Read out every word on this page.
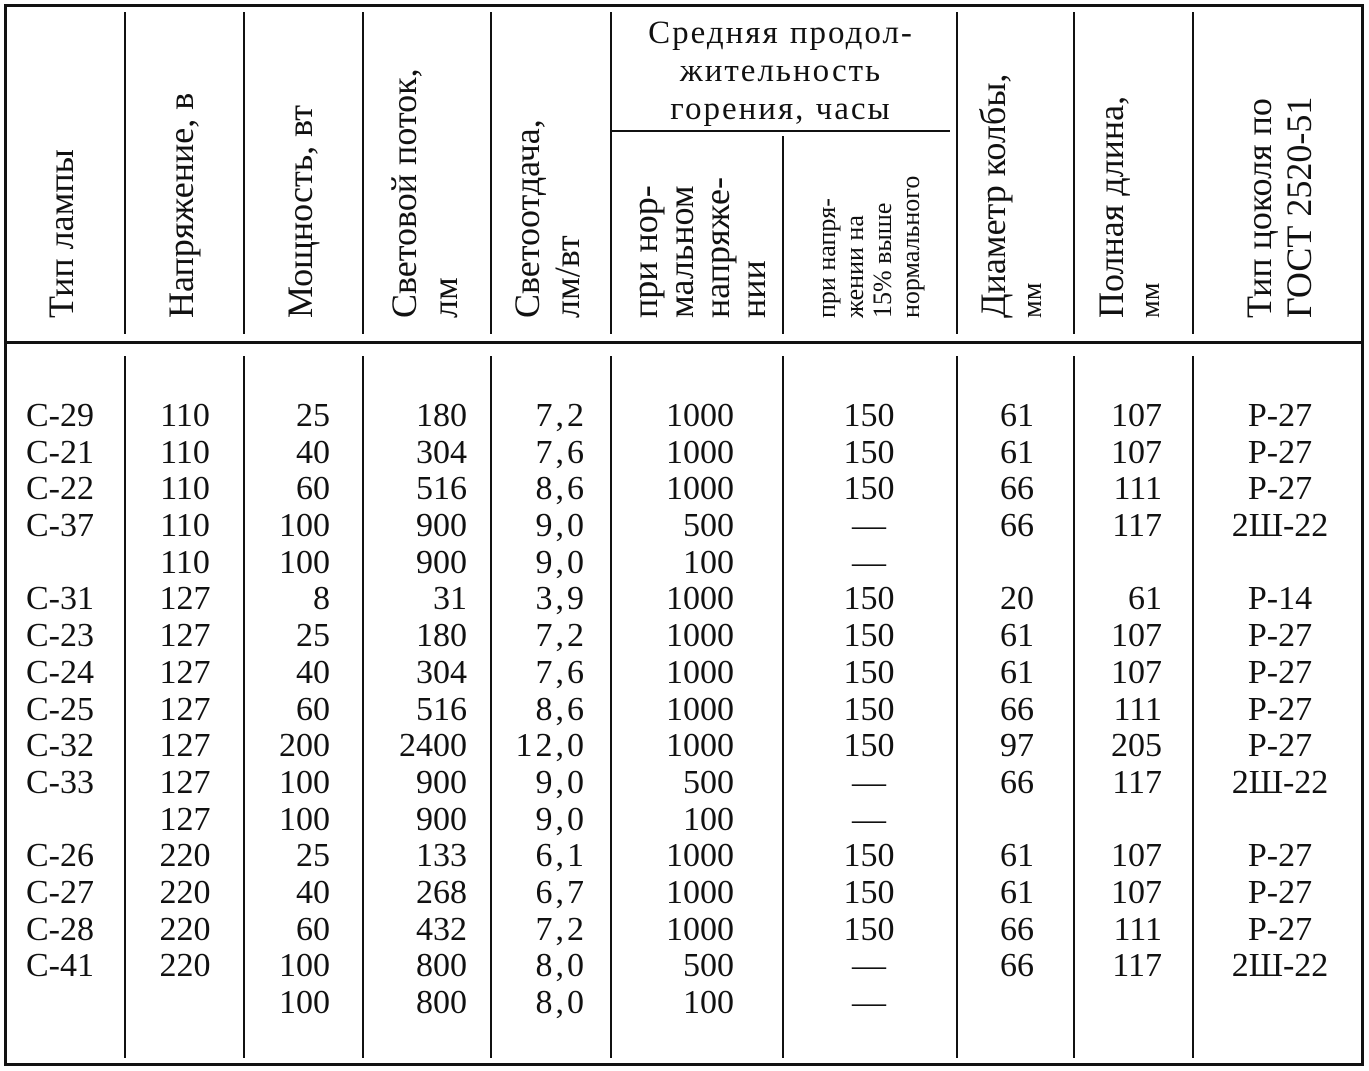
Тип лампы Напряжение, в Мощность, вт Световой поток, лм Светоотдача, лм/вт
Средняя продол-
жительность
горения, часы
при нор-
мальном
напряже-
нии при напря- жении на 15% выше нормального Диаметр колбы, мм Полная длина, мм Тип цоколя по ГОСТ 2520-51
С-29
С-21
С-22
С-37
С-31
С-23
С-24
С-25
С-32
С-33
С-26
С-27
С-28
С-41
110
110
110
110
110
127
127
127
127
127
127
127
220
220
220
220
25
40
60
100
100
8
25
40
60
200
100
100
25
40
60
100
100
180
304
516
900
900
31
180
304
516
2400
900
900
133
268
432
800
800
7,2
7,6
8,6
9,0
9,0
3,9
7,2
7,6
8,6
12,0
9,0
9,0
6,1
6,7
7,2
8,0
8,0
1000
1000
1000
500
100
1000
1000
1000
1000
1000
500
100
1000
1000
1000
500
100
150
150
150
—
—
150
150
150
150
150
—
—
150
150
150
—
—
61
61
66
66
20
61
61
66
97
66
61
61
66
66
107
107
111
117
61
107
107
111
205
117
107
107
111
117
Р-27
Р-27
Р-27
2Ш-22
Р-14
Р-27
Р-27
Р-27
Р-27
2Ш-22
Р-27
Р-27
Р-27
2Ш-22
